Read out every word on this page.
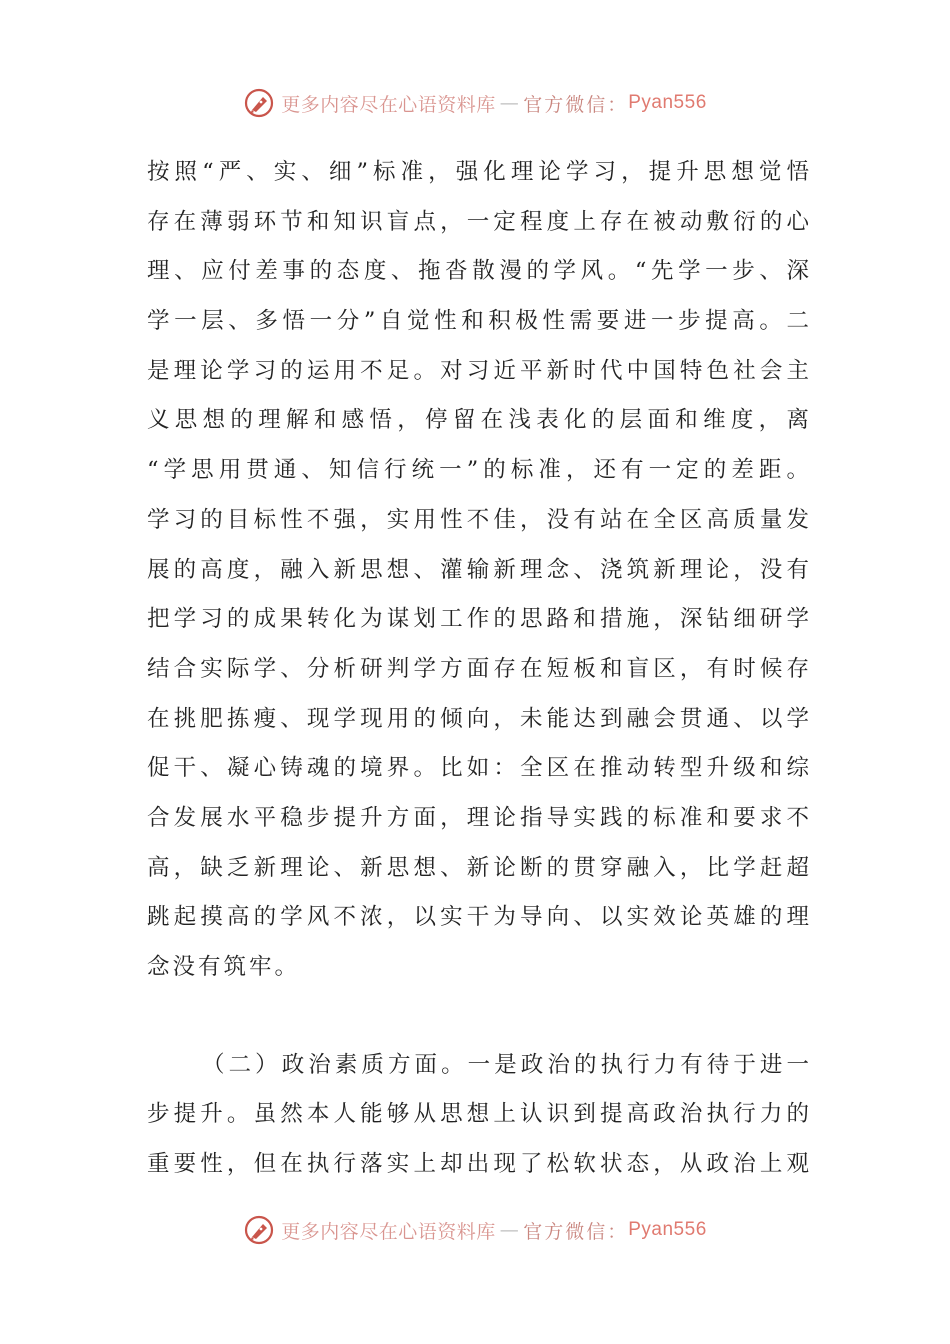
更多内容尽在心语资料库 — 官方微信： Pyan556
按照“严、实、细”标准，强化理论学习，提升思想觉悟
存在薄弱环节和知识盲点，一定程度上存在被动敷衍的心
理、应付差事的态度、拖沓散漫的学风。“先学一步、深
学一层、多悟一分”自觉性和积极性需要进一步提高。二
是理论学习的运用不足。对习近平新时代中国特色社会主
义思想的理解和感悟，停留在浅表化的层面和维度，离
“学思用贯通、知信行统一”的标准，还有一定的差距。
学习的目标性不强，实用性不佳，没有站在全区高质量发
展的高度，融入新思想、灌输新理念、浇筑新理论，没有
把学习的成果转化为谋划工作的思路和措施，深钻细研学
结合实际学、分析研判学方面存在短板和盲区，有时候存
在挑肥拣瘦、现学现用的倾向，未能达到融会贯通、以学
促干、凝心铸魂的境界。比如：全区在推动转型升级和综
合发展水平稳步提升方面，理论指导实践的标准和要求不
高，缺乏新理论、新思想、新论断的贯穿融入，比学赶超
跳起摸高的学风不浓，以实干为导向、以实效论英雄的理
念没有筑牢。
（二）政治素质方面。一是政治的执行力有待于进一
步提升。虽然本人能够从思想上认识到提高政治执行力的
重要性，但在执行落实上却出现了松软状态，从政治上观
更多内容尽在心语资料库 — 官方微信： Pyan556
